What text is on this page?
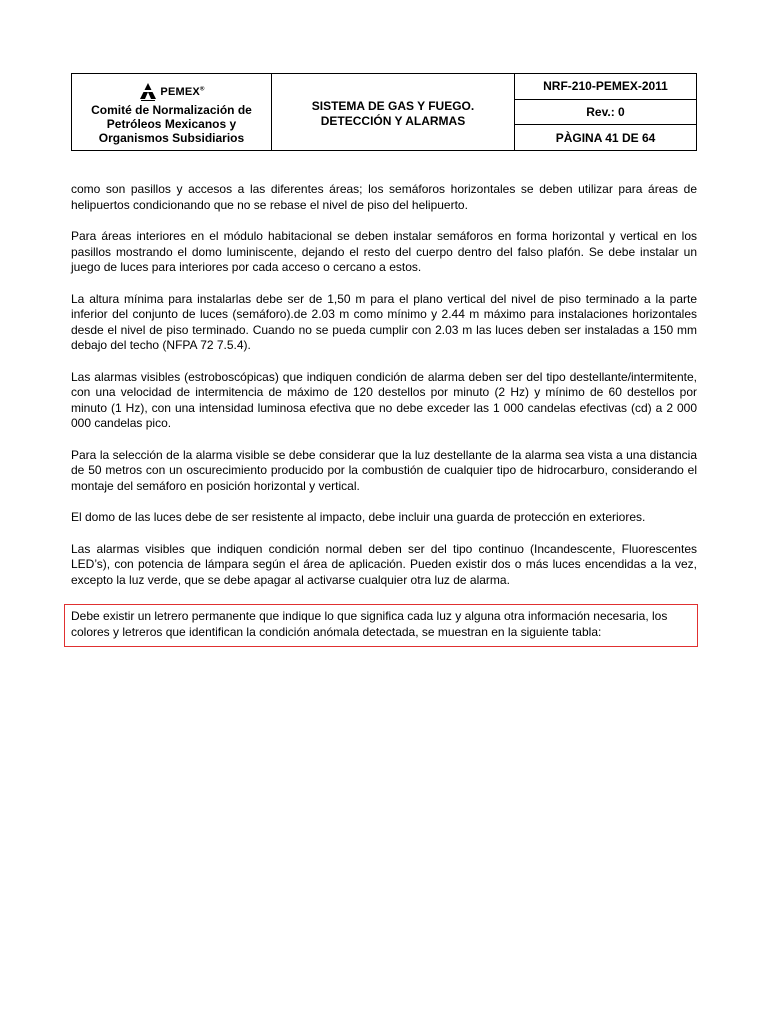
PEMEX®
Comité de Normalización de
Petróleos Mexicanos y
Organismos Subsidiarios
SISTEMA DE GAS Y FUEGO.
DETECCIÓN Y ALARMAS
NRF-210-PEMEX-2011
Rev.: 0
PÀGINA 41 DE 64

como son pasillos y accesos a las diferentes áreas; los semáforos horizontales se deben utilizar para áreas de helipuertos condicionando que no se rebase el nivel de piso del helipuerto.

Para áreas interiores en el módulo habitacional se deben instalar semáforos en forma horizontal y vertical en los pasillos mostrando el domo luminiscente, dejando el resto del cuerpo dentro del falso plafón. Se debe instalar un juego de luces para interiores por cada acceso o cercano a estos.

La altura mínima para instalarlas debe ser de 1,50 m para el plano vertical del nivel de piso terminado a la parte inferior del conjunto de luces (semáforo).de 2.03 m como mínimo y 2.44 m máximo para instalaciones horizontales desde el nivel de piso terminado. Cuando no se pueda cumplir con 2.03 m las luces deben ser instaladas a 150 mm debajo del techo (NFPA 72 7.5.4).

Las alarmas visibles (estroboscópicas) que indiquen condición de alarma deben ser del tipo destellante/intermitente, con una velocidad de intermitencia de máximo de 120 destellos por minuto (2 Hz) y mínimo de 60 destellos por minuto (1 Hz), con una intensidad luminosa efectiva que no debe exceder las 1 000 candelas efectivas (cd) a 2 000 000 candelas pico.

Para la selección de la alarma visible se debe considerar que la luz destellante de la alarma sea vista a una distancia de 50 metros con un oscurecimiento producido por la combustión de cualquier tipo de hidrocarburo, considerando el montaje del semáforo en posición horizontal y vertical.

El domo de las luces debe de ser resistente al impacto, debe incluir una guarda de protección en exteriores.

Las alarmas visibles que indiquen condición normal deben ser del tipo continuo (Incandescente, Fluorescentes LED’s), con potencia de lámpara según el área de aplicación. Pueden existir dos o más luces encendidas a la vez, excepto la luz verde, que se debe apagar al activarse cualquier otra luz de alarma.

Debe existir un letrero permanente que indique lo que significa cada luz y alguna otra información necesaria, los colores y letreros que identifican la condición anómala detectada, se muestran en la siguiente tabla:
